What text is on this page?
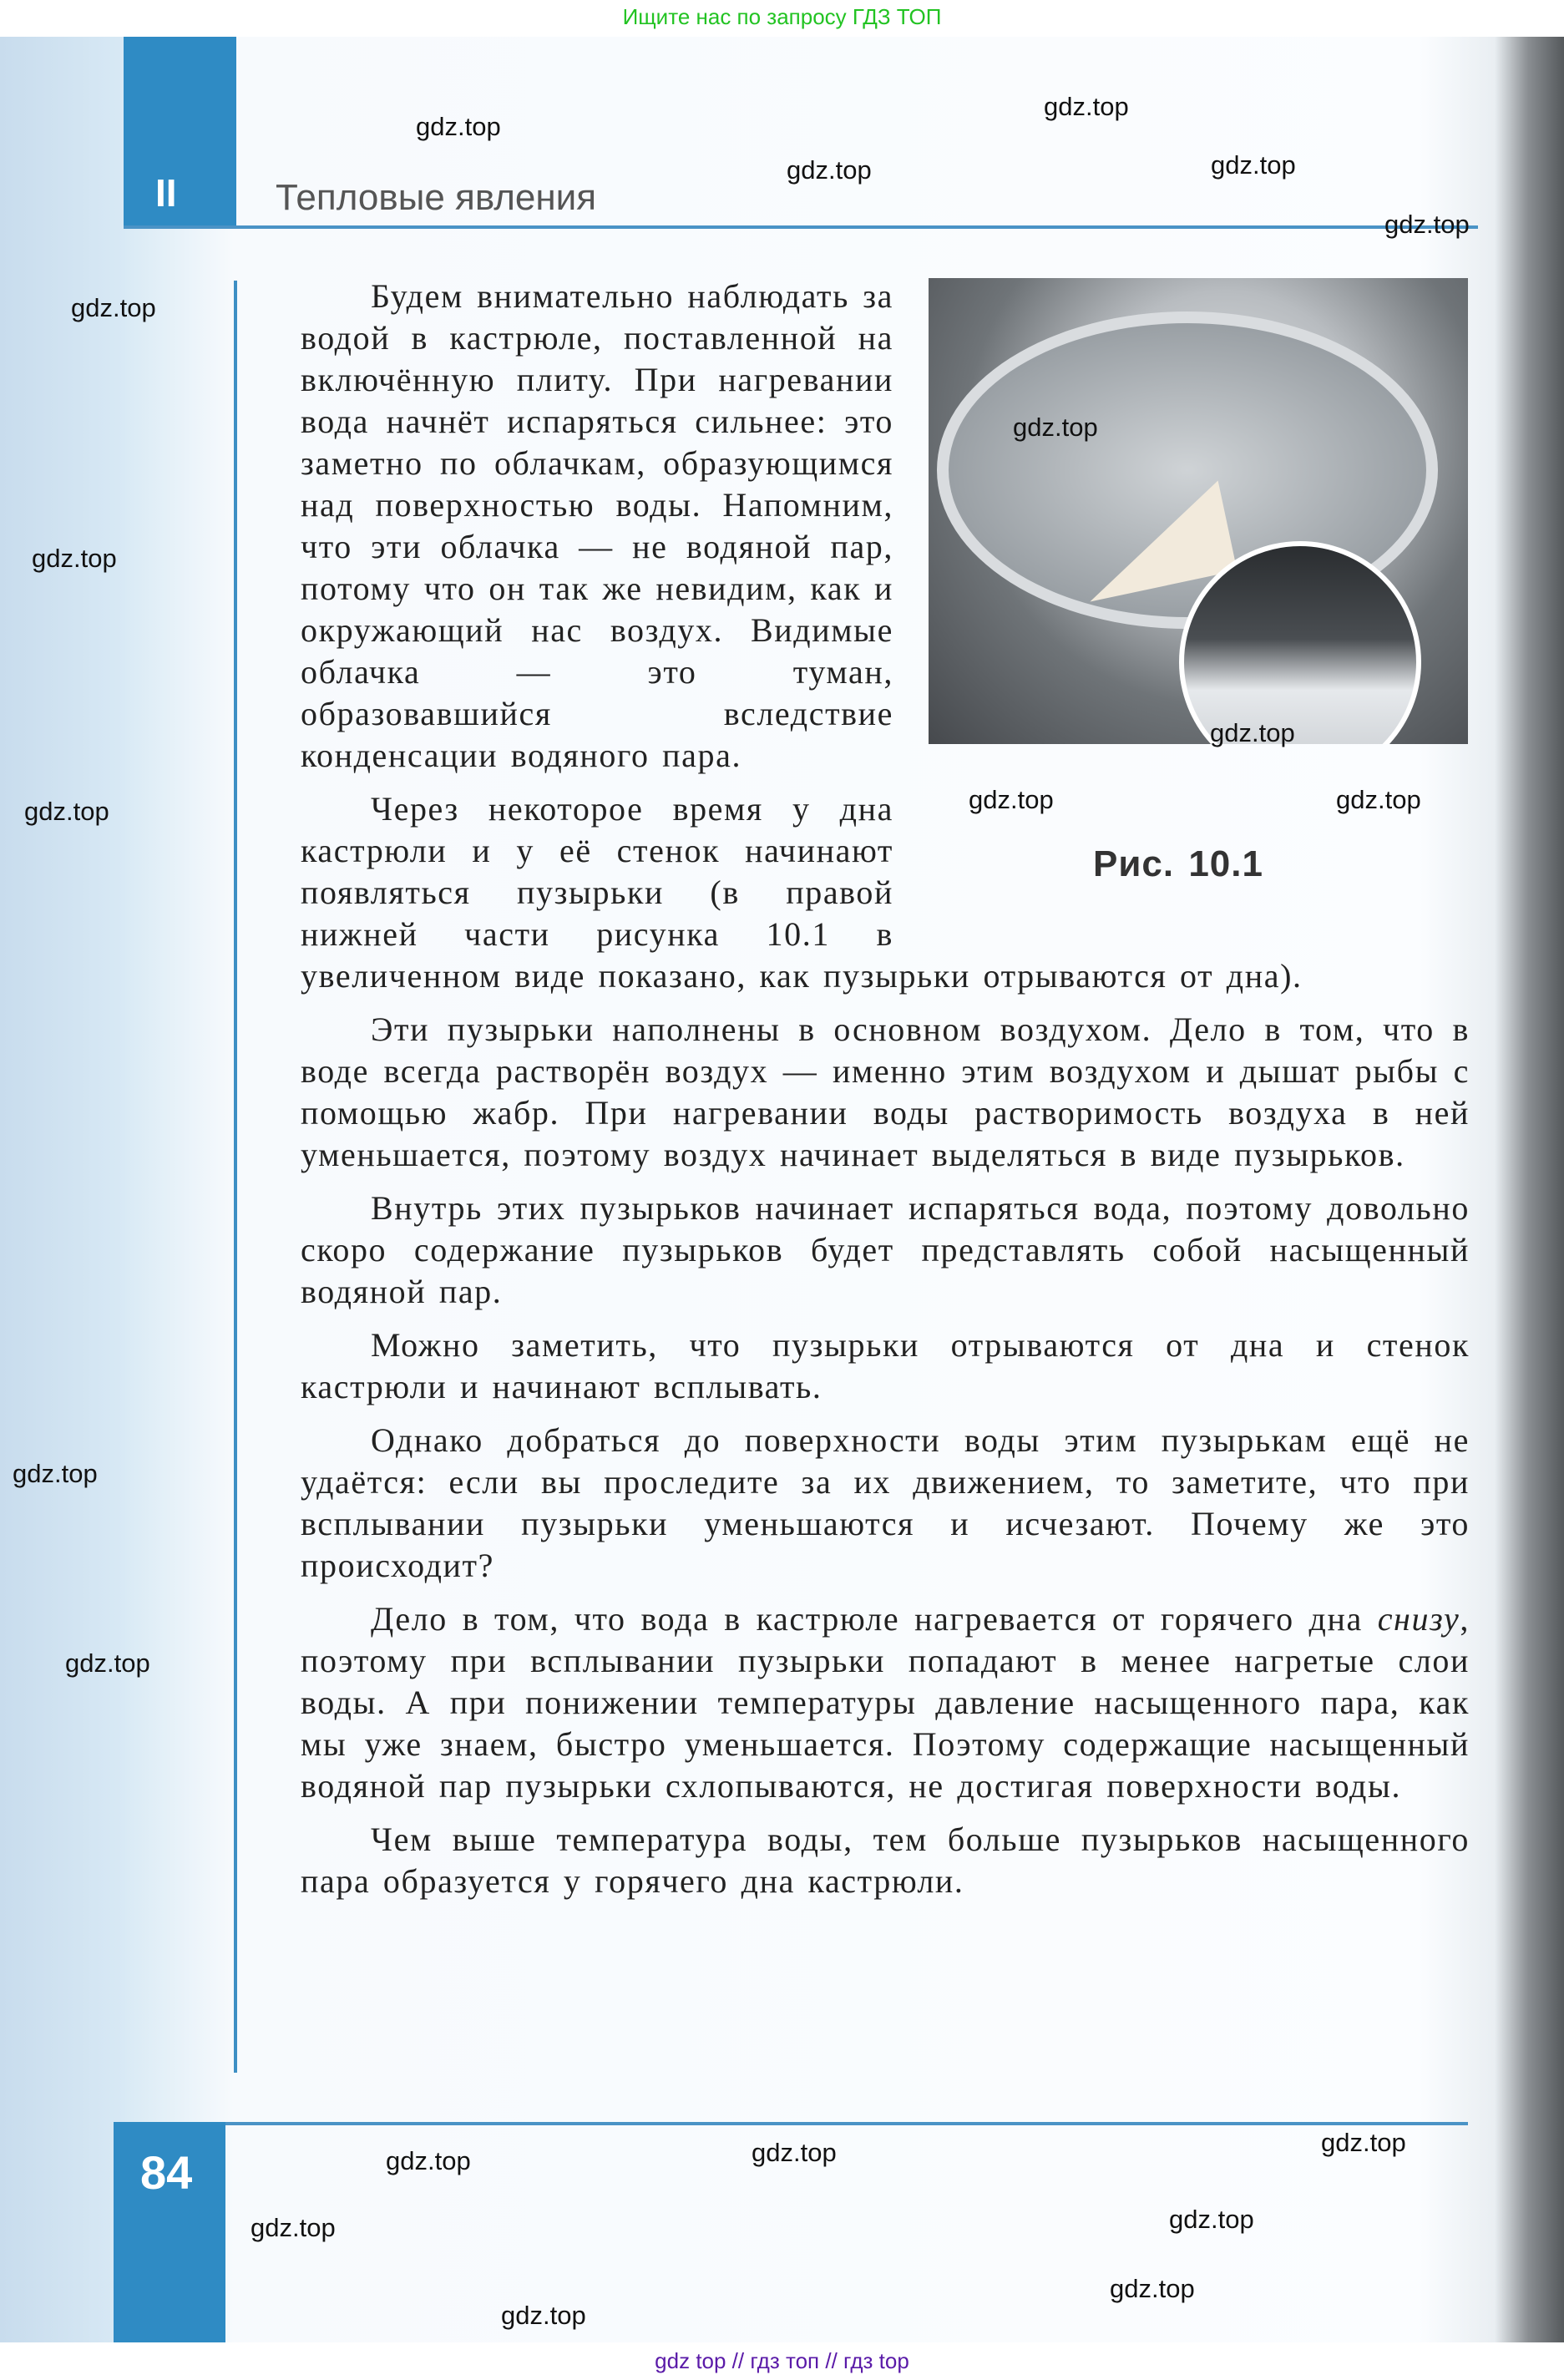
Ищите нас по запросу ГДЗ ТОП
II	Тепловые явления
Рис. 10.1

Будем внимательно наблюдать за водой в кастрюле, поставленной на включённую плиту. При нагревании вода начнёт испаряться сильнее: это заметно по облачкам, образующимся над поверхностью воды. Напомним, что эти облачка — не водяной пар, потому что он так же невидим, как и окружающий нас воздух. Видимые облачка — это туман, образовавшийся вследствие конденсации водяного пара.

Через некоторое время у дна кастрюли и у её стенок начинают появляться пузырьки (в правой нижней части рисунка 10.1 в увеличенном виде показано, как пузырьки отрываются от дна).

Эти пузырьки наполнены в основном воздухом. Дело в том, что в воде всегда растворён воздух — именно этим воздухом и дышат рыбы с помощью жабр. При нагревании воды растворимость воздуха в ней уменьшается, поэтому воздух начинает выделяться в виде пузырьков.

Внутрь этих пузырьков начинает испаряться вода, поэтому довольно скоро содержание пузырьков будет представлять собой насыщенный водяной пар.

Можно заметить, что пузырьки отрываются от дна и стенок кастрюли и начинают всплывать.

Однако добраться до поверхности воды этим пузырькам ещё не удаётся: если вы проследите за их движением, то заметите, что при всплывании пузырьки уменьшаются и исчезают. Почему же это происходит?

Дело в том, что вода в кастрюле нагревается от горячего дна снизу, поэтому при всплывании пузырьки попадают в менее нагретые слои воды. А при понижении температуры давление насыщенного пара, как мы уже знаем, быстро уменьшается. Поэтому содержащие насыщенный водяной пар пузырьки схлопываются, не достигая поверхности воды.

Чем выше температура воды, тем больше пузырьков насыщенного пара образуется у горячего дна кастрюли.

84
gdz.top
gdz.top
gdz.top
gdz.top
gdz.top
gdz.top
gdz.top
gdz.top	gdz.top	gdz.top
gdz.top
gdz.top
gdz.top
gdz.top
gdz.top
gdz.top
gdz.top
gdz.top
gdz.top
gdz.top
gdz.top
gdz top // гдз топ // гдз top
